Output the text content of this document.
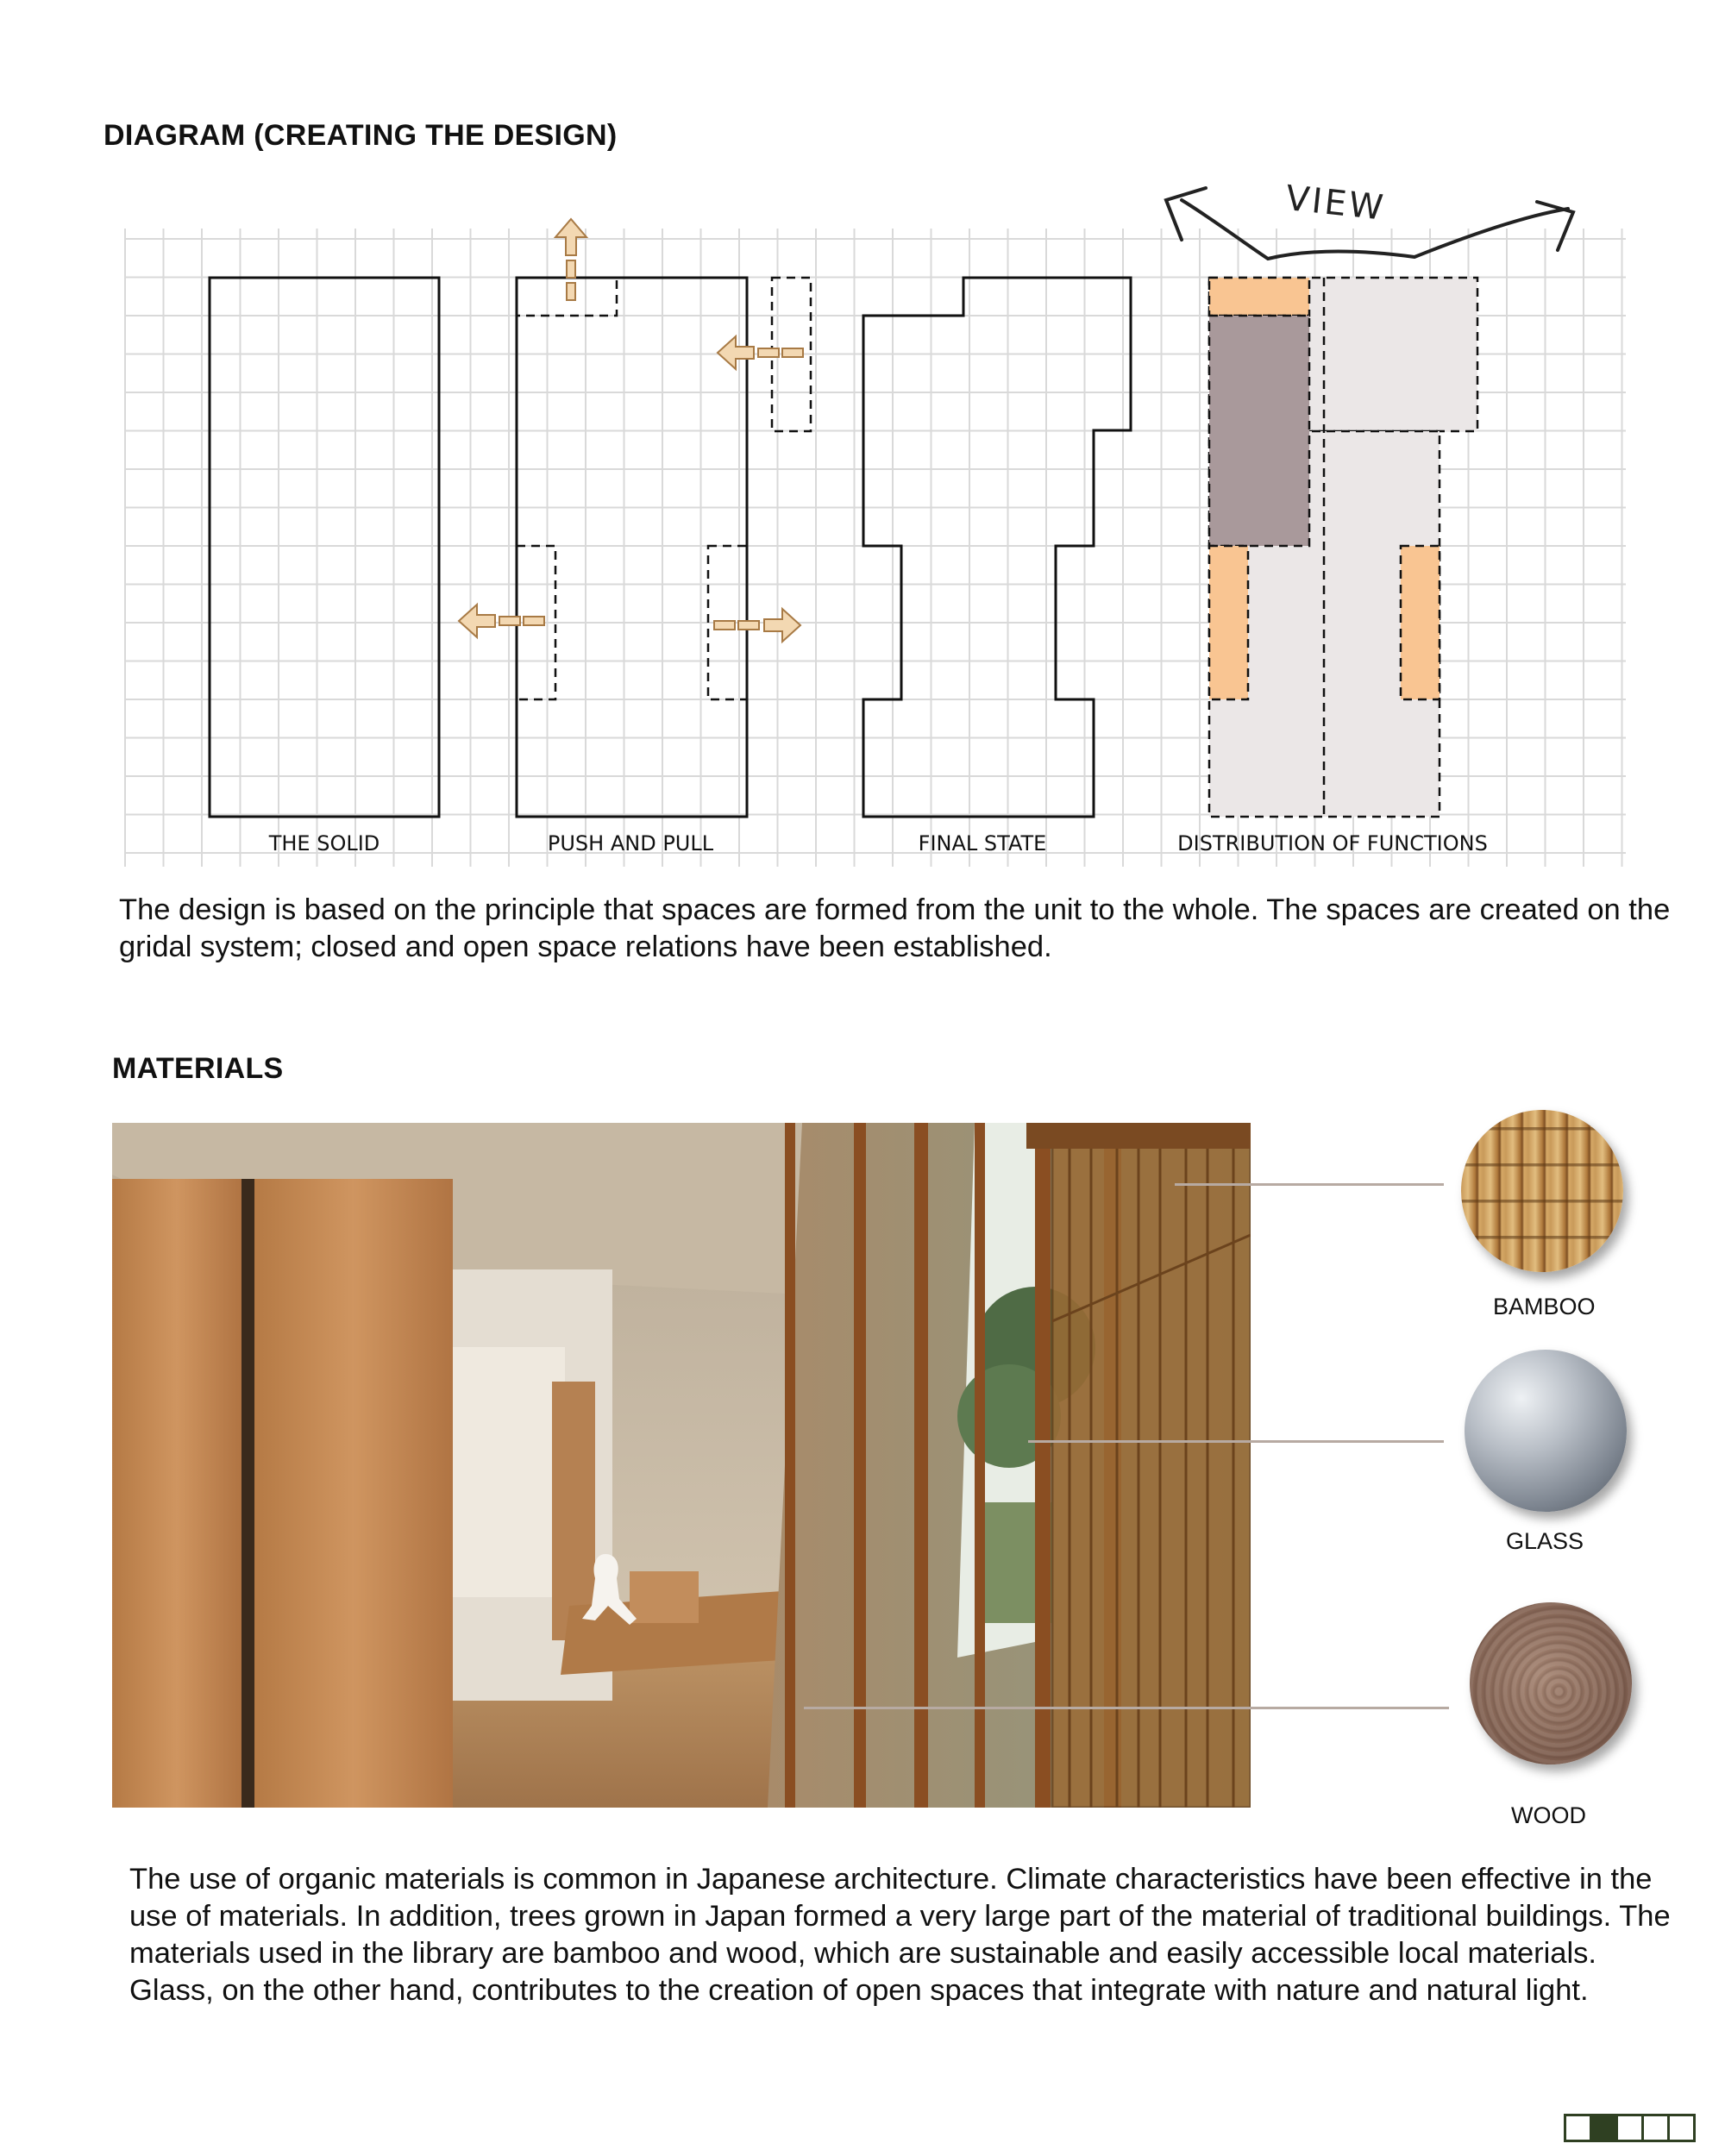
DIAGRAM (CREATING THE DESIGN)
VIEW
THE SOLID	PUSH AND PULL	FINAL STATE	DISTRIBUTION OF FUNCTIONS

The design is based on the principle that spaces are formed from the unit to the whole. The spaces are created on the gridal system; closed and open space relations have been established.

MATERIALS
BAMBOO
GLASS
WOOD

The use of organic materials is common in Japanese architecture. Climate characteristics have been effective in the use of materials. In addition, trees grown in Japan formed a very large part of the material of traditional buildings. The materials used in the library are bamboo and wood, which are sustainable and easily accessible local materials. Glass, on the other hand, contributes to the creation of open spaces that integrate with nature and natural light.
